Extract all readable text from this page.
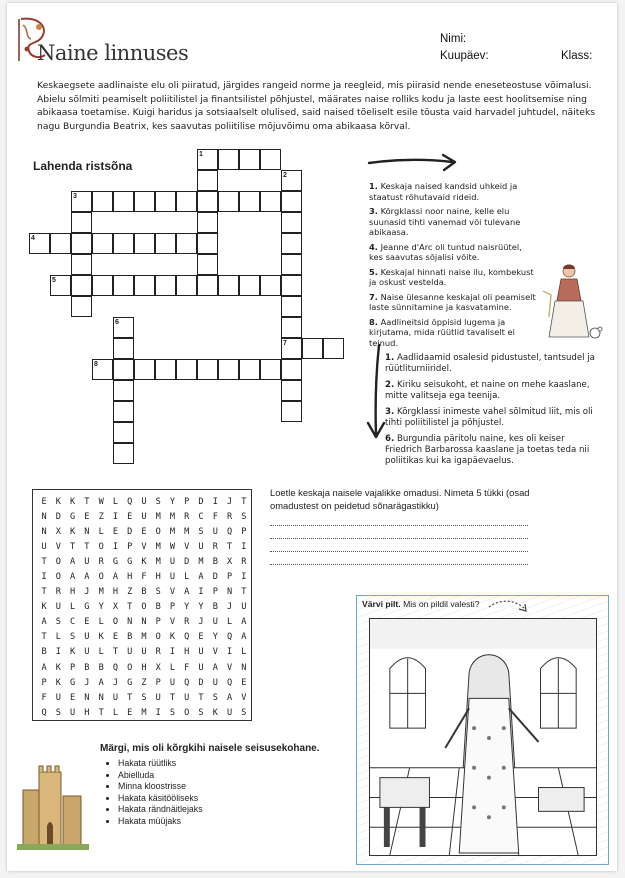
Naine linnuses
Nimi:
Kuupäev:	Klass:
Keskaegsete aadlinaiste elu oli piiratud, järgides rangeid norme ja reegleid, mis piirasid nende eneseteostuse võimalusi. Abielu sõlmiti peamiselt poliitilistel ja finantsilistel põhjustel, määrates naise rolliks kodu ja laste eest hoolitsemise ning abikaasa toetamise. Kuigi haridus ja sotsiaalselt olulised, said naised tõeliselt esile tõusta vaid harvadel juhtudel, näiteks nagu Burgundia Beatrix, kes saavutas poliitilise mõjuvõimu oma abikaasa kõrval.
Lahenda ristsõna
1
2
3
4
5
6
7
8
1. Keskaja naised kandsid uhkeid ja staatust rõhutavaid rideid.
3. Kõrgklassi noor naine, kelle elu suunasid tihti vanemad või tulevane abikaasa.
4. Jeanne d'Arc oli tuntud naisrüütel, kes saavutas sõjalisi võite.
5. Keskajal hinnati naise ilu, kombekust ja oskust vestelda.
7. Naise ülesanne keskajal oli peamiselt laste sünnitamine ja kasvatamine.
8. Aadlineitsid õppisid lugema ja kirjutama, mida rüütlid tavaliselt ei teinud.
1. Aadlidaamid osalesid pidustustel, tantsudel ja rüütliturniiridel.
2. Kiriku seisukoht, et naine on mehe kaaslane, mitte valitseja ega teenija.
3. Kõrgklassi inimeste vahel sõlmitud liit, mis oli tihti poliitilistel ja põhjustel.
6. Burgundia päritolu naine, kes oli keiser Friedrich Barbarossa kaaslane ja toetas teda nii poliitikas kui ka igapäevaelus.
E	K	K	T	W	L	Q	U	S	Y	P	D	I	J	T
N	D	G	E	Z	I	E	U	M	M	R	C	F	R	S
N	X	K	N	L	E	D	E	O	M	M	S	U	Q	P
U	V	T	T	O	I	P	V	M	W	V	U	R	T	I
T	O	A	U	R	G	G	K	M	U	D	M	B	X	R
I	O	A	A	O	A	H	F	H	U	L	A	D	P	I
T	R	H	J	M	H	Z	B	S	V	A	I	P	N	T
K	U	L	G	Y	X	T	O	B	P	Y	Y	B	J	U
A	S	C	E	L	O	N	N	P	V	R	J	U	L	A
T	L	S	U	K	E	B	M	O	K	Q	E	Y	Q	A
B	I	K	U	L	T	U	U	R	I	H	U	V	I	L
A	K	P	B	B	Q	O	H	X	L	F	U	A	V	N
P	K	G	J	A	J	G	Z	P	U	Q	D	U	Q	E
F	U	E	N	N	U	T	S	U	T	U	T	S	A	V
Q	S	U	H	T	L	E	M	I	S	O	S	K	U	S
Loetle keskaja naisele vajalikke omadusi. Nimeta 5 tükki (osad omadustest on peidetud sõnarägastikku)
Värvi pilt. Mis on pildil valesti?
Märgi, mis oli kõrgkihi naisele seisusekohane.
• Hakata rüütliks
• Abielluda
• Minna kloostrisse
• Hakata käsitööliseks
• Hakata rändnäitlejaks
• Hakata müüjaks
